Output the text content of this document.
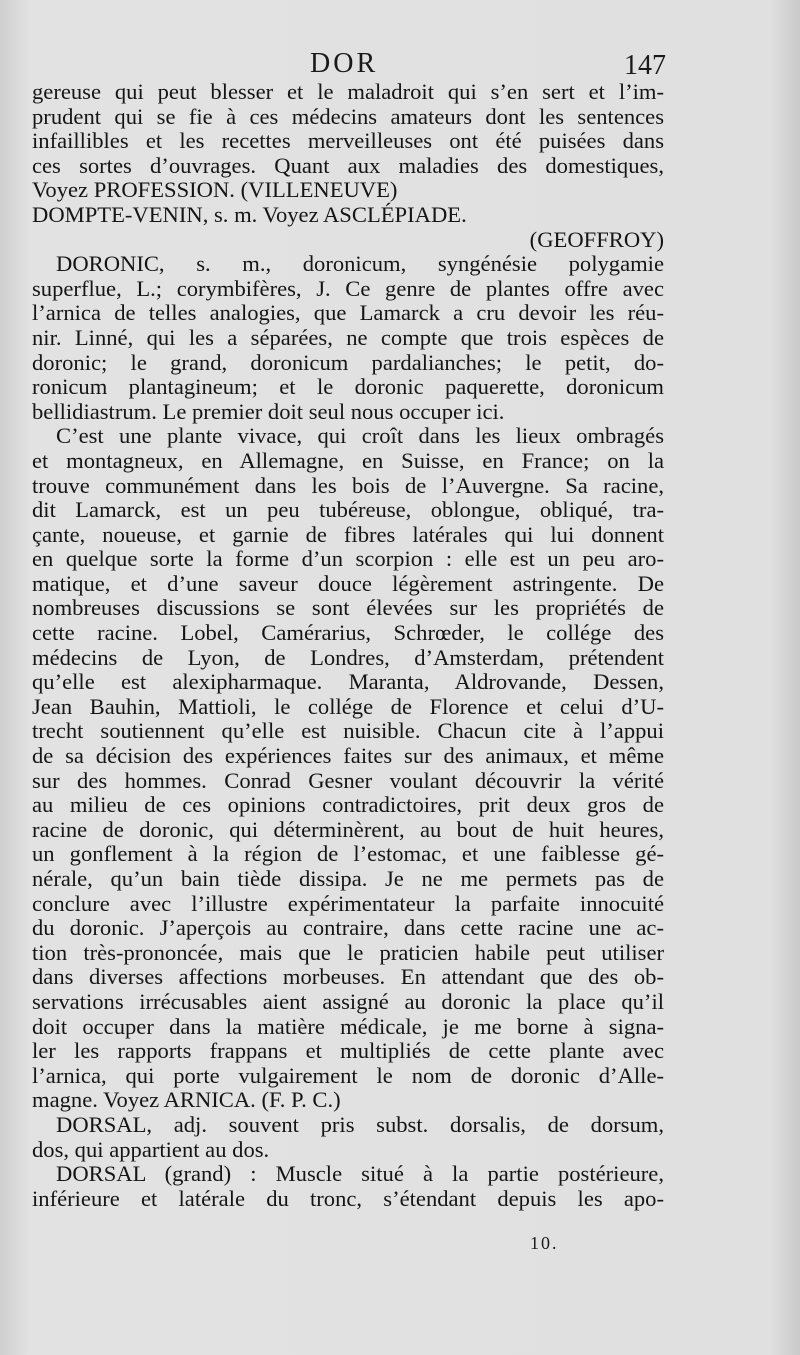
DOR	147
gereuse qui peut blesser et le maladroit qui s’en sert et l’im-
prudent qui se fie à ces médecins amateurs dont les sentences
infaillibles et les recettes merveilleuses ont été puisées dans
ces sortes d’ouvrages. Quant aux maladies des domestiques,
Voyez PROFESSION. (VILLENEUVE)
DOMPTE-VENIN, s. m. Voyez ASCLÉPIADE.
(GEOFFROY)
DORONIC, s. m., doronicum, syngénésie polygamie
superflue, L.; corymbifères, J. Ce genre de plantes offre avec
l’arnica de telles analogies, que Lamarck a cru devoir les réu-
nir. Linné, qui les a séparées, ne compte que trois espèces de
doronic; le grand, doronicum pardalianches; le petit, do-
ronicum plantagineum; et le doronic paquerette, doronicum
bellidiastrum. Le premier doit seul nous occuper ici.
C’est une plante vivace, qui croît dans les lieux ombragés
et montagneux, en Allemagne, en Suisse, en France; on la
trouve communément dans les bois de l’Auvergne. Sa racine,
dit Lamarck, est un peu tubéreuse, oblongue, obliqué, tra-
çante, noueuse, et garnie de fibres latérales qui lui donnent
en quelque sorte la forme d’un scorpion : elle est un peu aro-
matique, et d’une saveur douce légèrement astringente. De
nombreuses discussions se sont élevées sur les propriétés de
cette racine. Lobel, Camérarius, Schrœder, le collége des
médecins de Lyon, de Londres, d’Amsterdam, prétendent
qu’elle est alexipharmaque. Maranta, Aldrovande, Dessen,
Jean Bauhin, Mattioli, le collége de Florence et celui d’U-
trecht soutiennent qu’elle est nuisible. Chacun cite à l’appui
de sa décision des expériences faites sur des animaux, et même
sur des hommes. Conrad Gesner voulant découvrir la vérité
au milieu de ces opinions contradictoires, prit deux gros de
racine de doronic, qui déterminèrent, au bout de huit heures,
un gonflement à la région de l’estomac, et une faiblesse gé-
nérale, qu’un bain tiède dissipa. Je ne me permets pas de
conclure avec l’illustre expérimentateur la parfaite innocuité
du doronic. J’aperçois au contraire, dans cette racine une ac-
tion très-prononcée, mais que le praticien habile peut utiliser
dans diverses affections morbeuses. En attendant que des ob-
servations irrécusables aient assigné au doronic la place qu’il
doit occuper dans la matière médicale, je me borne à signa-
ler les rapports frappans et multipliés de cette plante avec
l’arnica, qui porte vulgairement le nom de doronic d’Alle-
magne. Voyez ARNICA. (F. P. C.)
DORSAL, adj. souvent pris subst. dorsalis, de dorsum,
dos, qui appartient au dos.
DORSAL (grand) : Muscle situé à la partie postérieure,
inférieure et latérale du tronc, s’étendant depuis les apo-
10.
